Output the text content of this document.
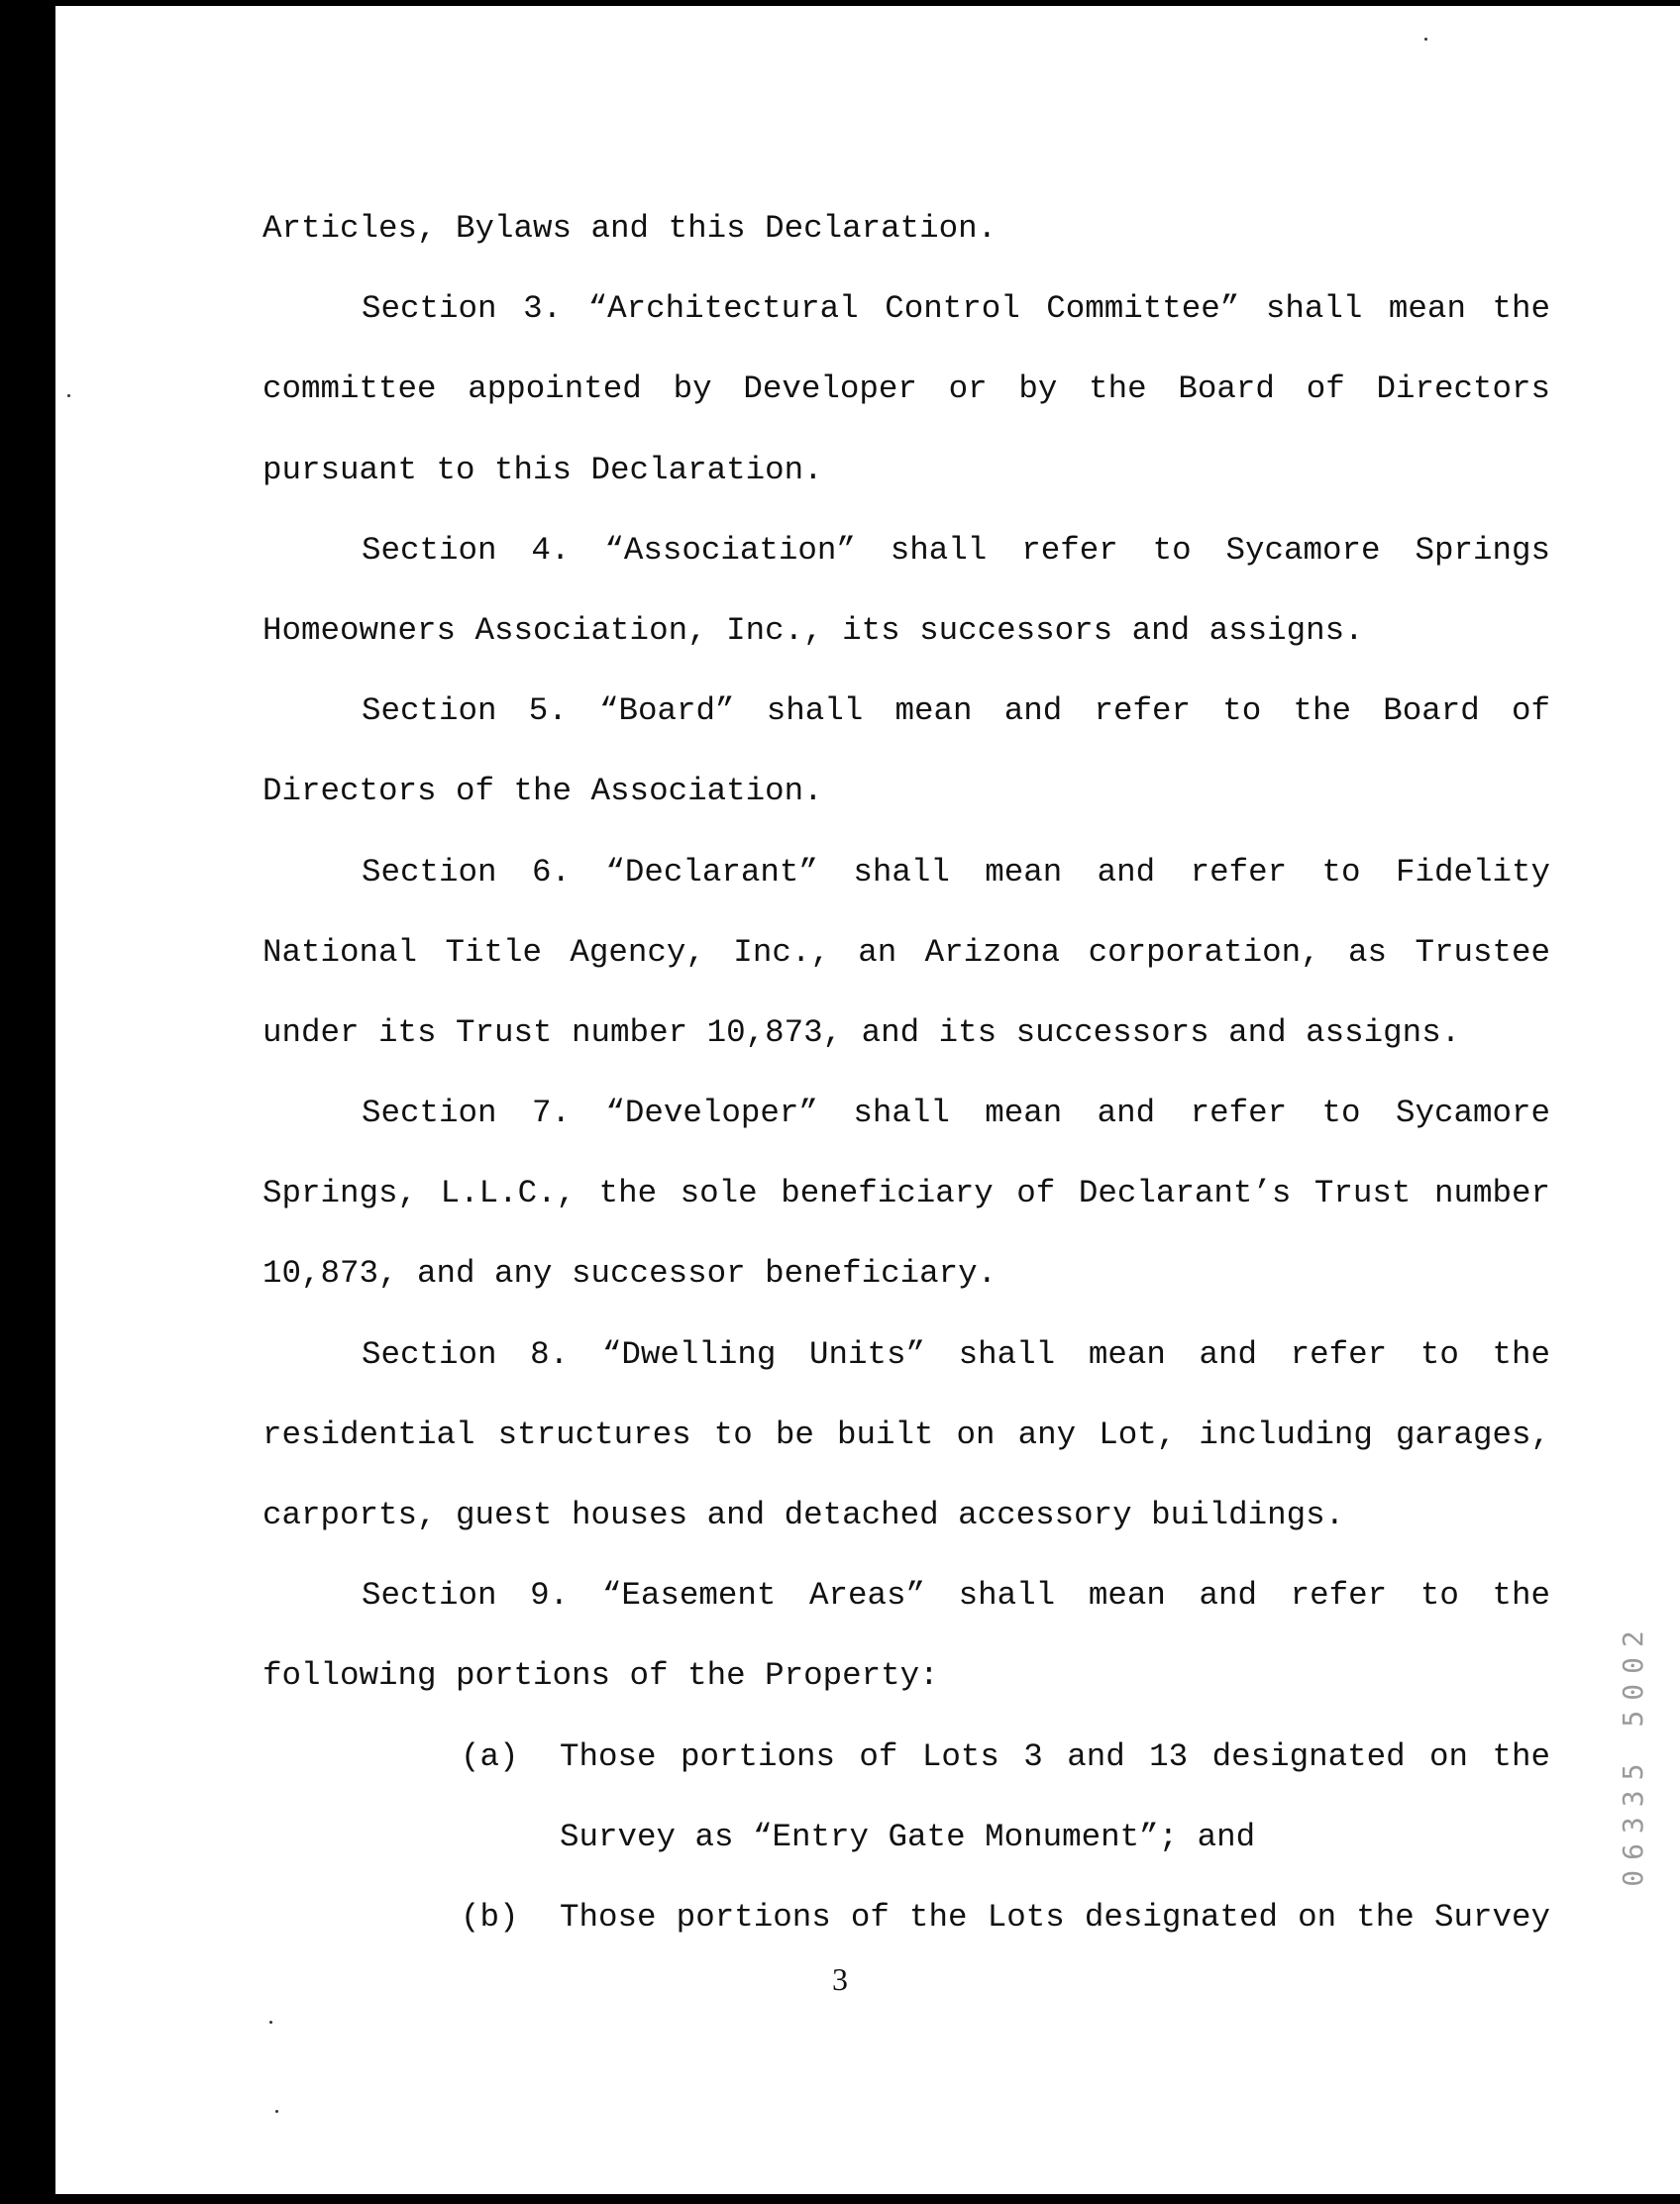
Articles, Bylaws and this Declaration.
Section 3. “Architectural Control Committee” shall mean the
committee appointed by Developer or by the Board of Directors
pursuant to this Declaration.
Section 4. “Association” shall refer to Sycamore Springs
Homeowners Association, Inc., its successors and assigns.
Section 5. “Board” shall mean and refer to the Board of
Directors of the Association.
Section 6. “Declarant” shall mean and refer to Fidelity
National Title Agency, Inc., an Arizona corporation, as Trustee
under its Trust number 10,873, and its successors and assigns.
Section 7. “Developer” shall mean and refer to Sycamore
Springs, L.L.C., the sole beneficiary of Declarant’s Trust number
10,873, and any successor beneficiary.
Section 8. “Dwelling Units” shall mean and refer to the
residential structures to be built on any Lot, including garages,
carports, guest houses and detached accessory buildings.
Section 9. “Easement Areas” shall mean and refer to the
following portions of the Property:
(a)	Those portions of Lots 3 and 13 designated on the
Survey as “Entry Gate Monument”; and
(b)	Those portions of the Lots designated on the Survey
3
06335 5002
